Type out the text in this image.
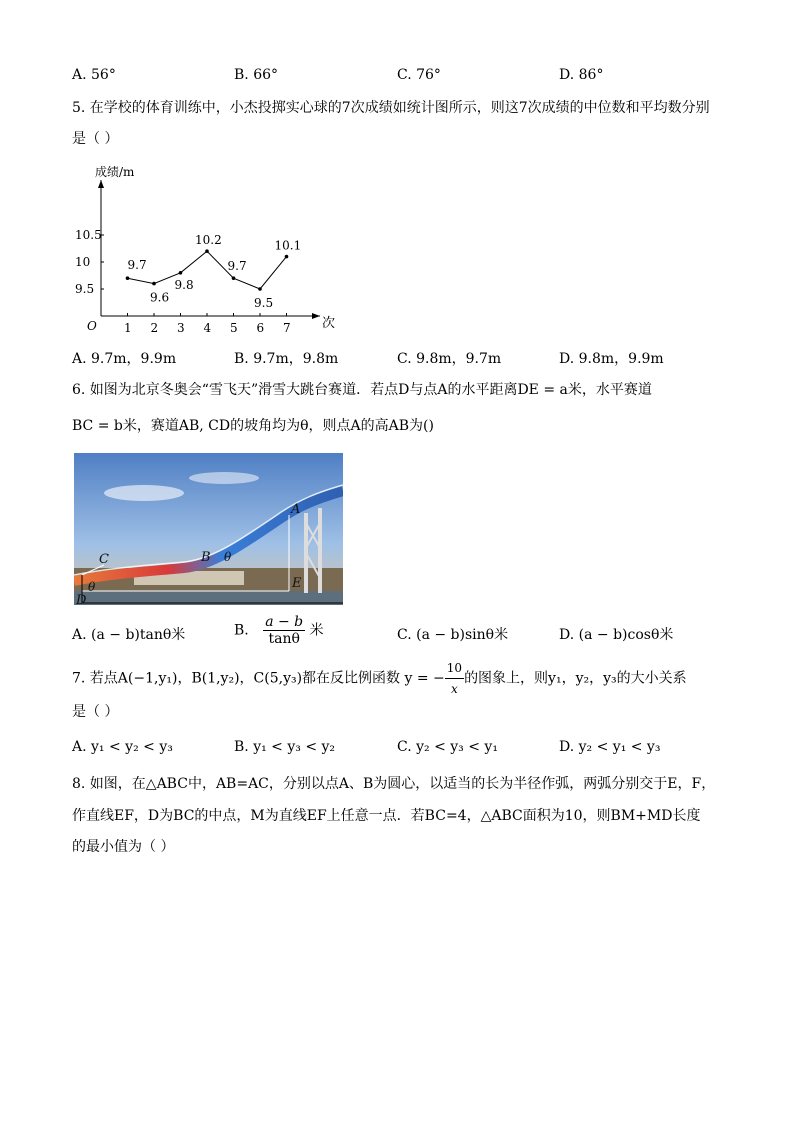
A. 56°	B. 66°	C. 76°	D. 86°
5. 在学校的体育训练中，小杰投掷实心球的7次成绩如统计图所示，则这7次成绩的中位数和平均数分别
是（ ）
成绩/m
次
O
9.5
10
10.5
1 2 3 4 5 6 7
9.7
9.6
9.8
10.2
9.7
9.5
10.1
A. 9.7m，9.9m	B. 9.7m，9.8m	C. 9.8m，9.7m	D. 9.8m，9.9m
6. 如图为北京冬奥会“雪飞天”滑雪大跳台赛道．若点D与点A的水平距离DE = a米，水平赛道
BC = b米，赛道AB, CD的坡角均为θ，则点A的高AB为()
C	B θ
A
E
θ
D
A. (a − b)tanθ米	B. $\frac{a - b}{\tan\theta}$ 米	C. (a − b)sinθ米	D. (a − b)cosθ米
7. 若点A(−1,y₁)，B(1,y₂)，C(5,y₃)都在反比例函数 y = − $\frac{10}{x}$ 的图象上，则y₁，y₂，y₃的大小关系
是（ ）
A. y₁ < y₂ < y₃	B. y₁ < y₃ < y₂	C. y₂ < y₃ < y₁	D. y₂ < y₁ < y₃
8. 如图，在△ABC中，AB=AC，分别以点A、B为圆心，以适当的长为半径作弧，两弧分别交于E，F，
作直线EF，D为BC的中点，M为直线EF上任意一点．若BC=4，△ABC面积为10，则BM+MD长度
的最小值为（ ）
